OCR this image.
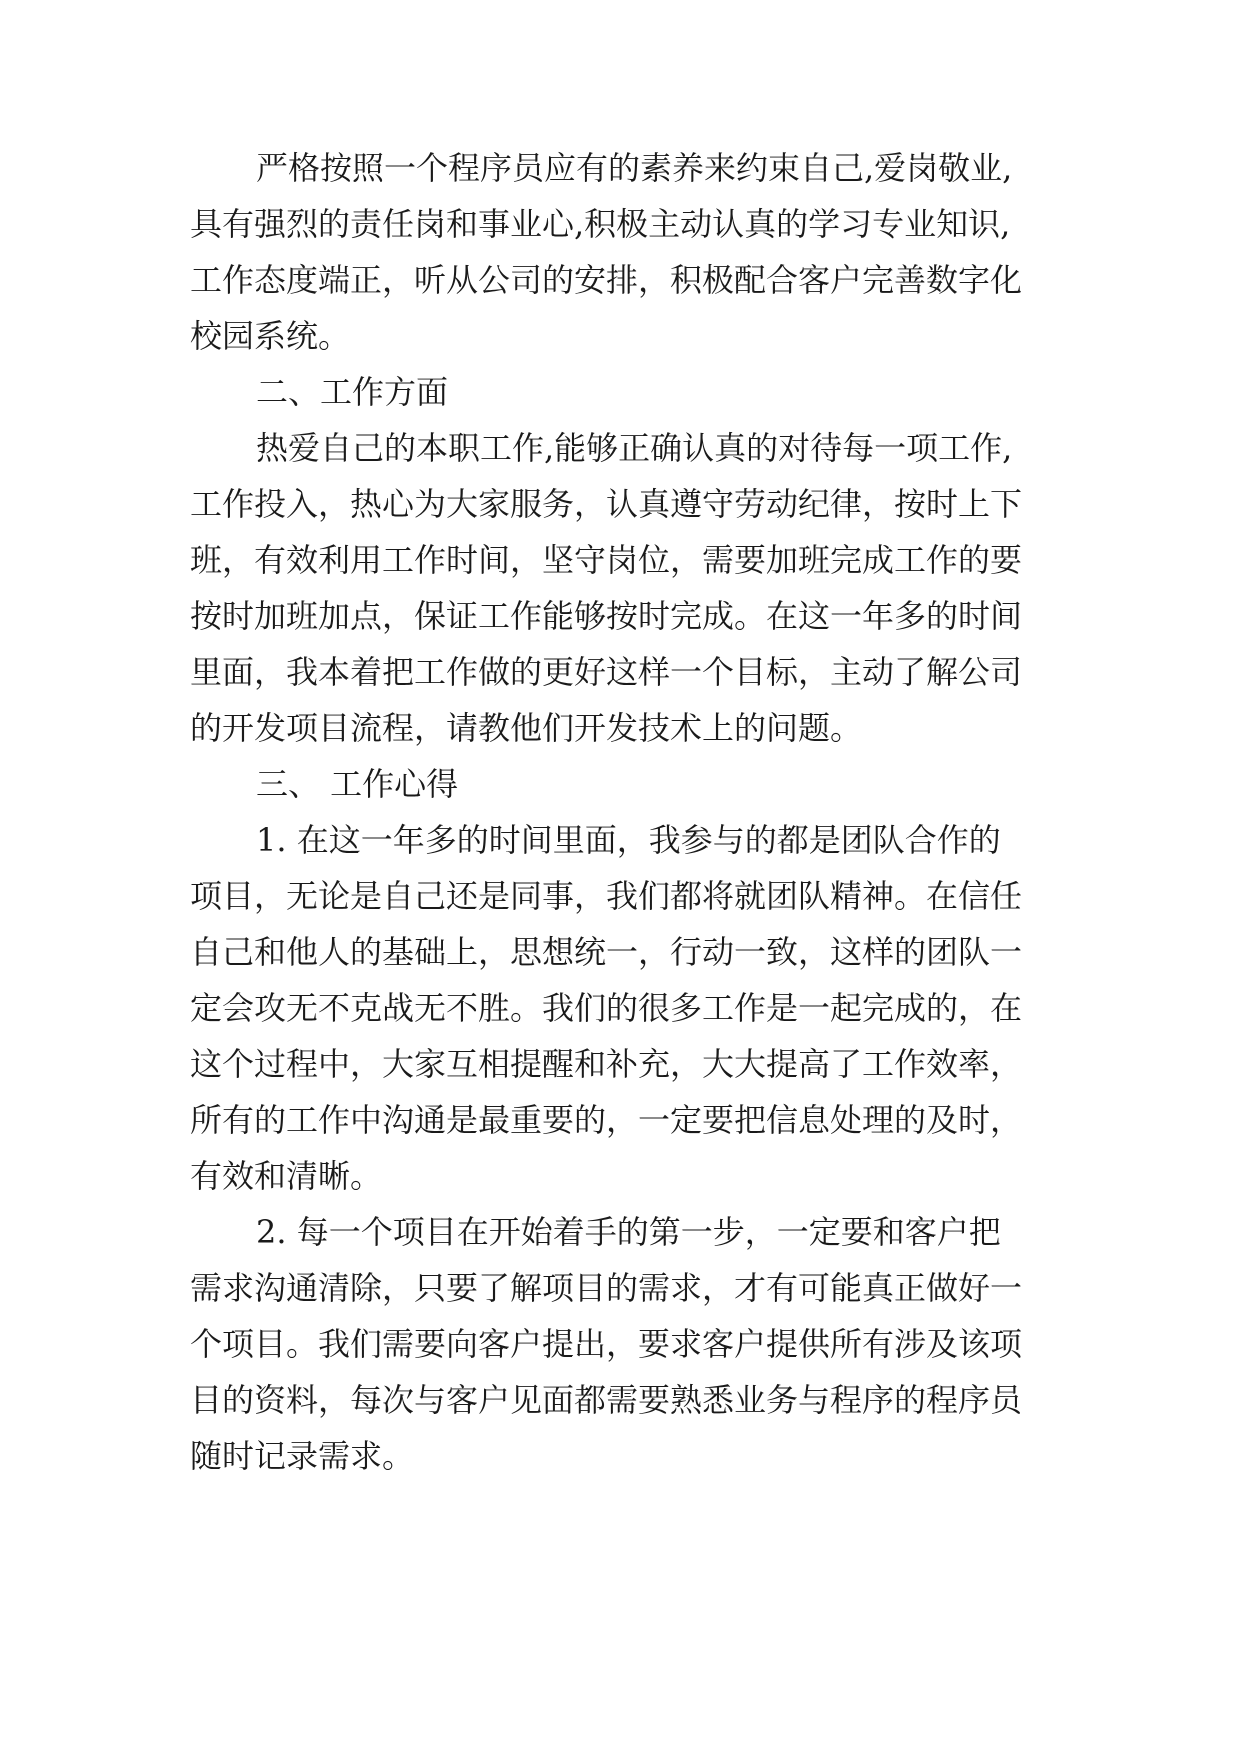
严格按照一个程序员应有的素养来约束自己,爱岗敬业,
具有强烈的责任岗和事业心,积极主动认真的学习专业知识,
工作态度端正，听从公司的安排，积极配合客户完善数字化
校园系统。
二、工作方面
热爱自己的本职工作,能够正确认真的对待每一项工作,
工作投入，热心为大家服务，认真遵守劳动纪律，按时上下
班，有效利用工作时间，坚守岗位，需要加班完成工作的要
按时加班加点，保证工作能够按时完成。在这一年多的时间
里面，我本着把工作做的更好这样一个目标，主动了解公司
的开发项目流程，请教他们开发技术上的问题。
三、 工作心得
1. 在这一年多的时间里面，我参与的都是团队合作的
项目，无论是自己还是同事，我们都将就团队精神。在信任
自己和他人的基础上，思想统一，行动一致，这样的团队一
定会攻无不克战无不胜。我们的很多工作是一起完成的，在
这个过程中，大家互相提醒和补充，大大提高了工作效率，
所有的工作中沟通是最重要的，一定要把信息处理的及时，
有效和清晰。
2. 每一个项目在开始着手的第一步，一定要和客户把
需求沟通清除，只要了解项目的需求，才有可能真正做好一
个项目。我们需要向客户提出，要求客户提供所有涉及该项
目的资料，每次与客户见面都需要熟悉业务与程序的程序员
随时记录需求。
